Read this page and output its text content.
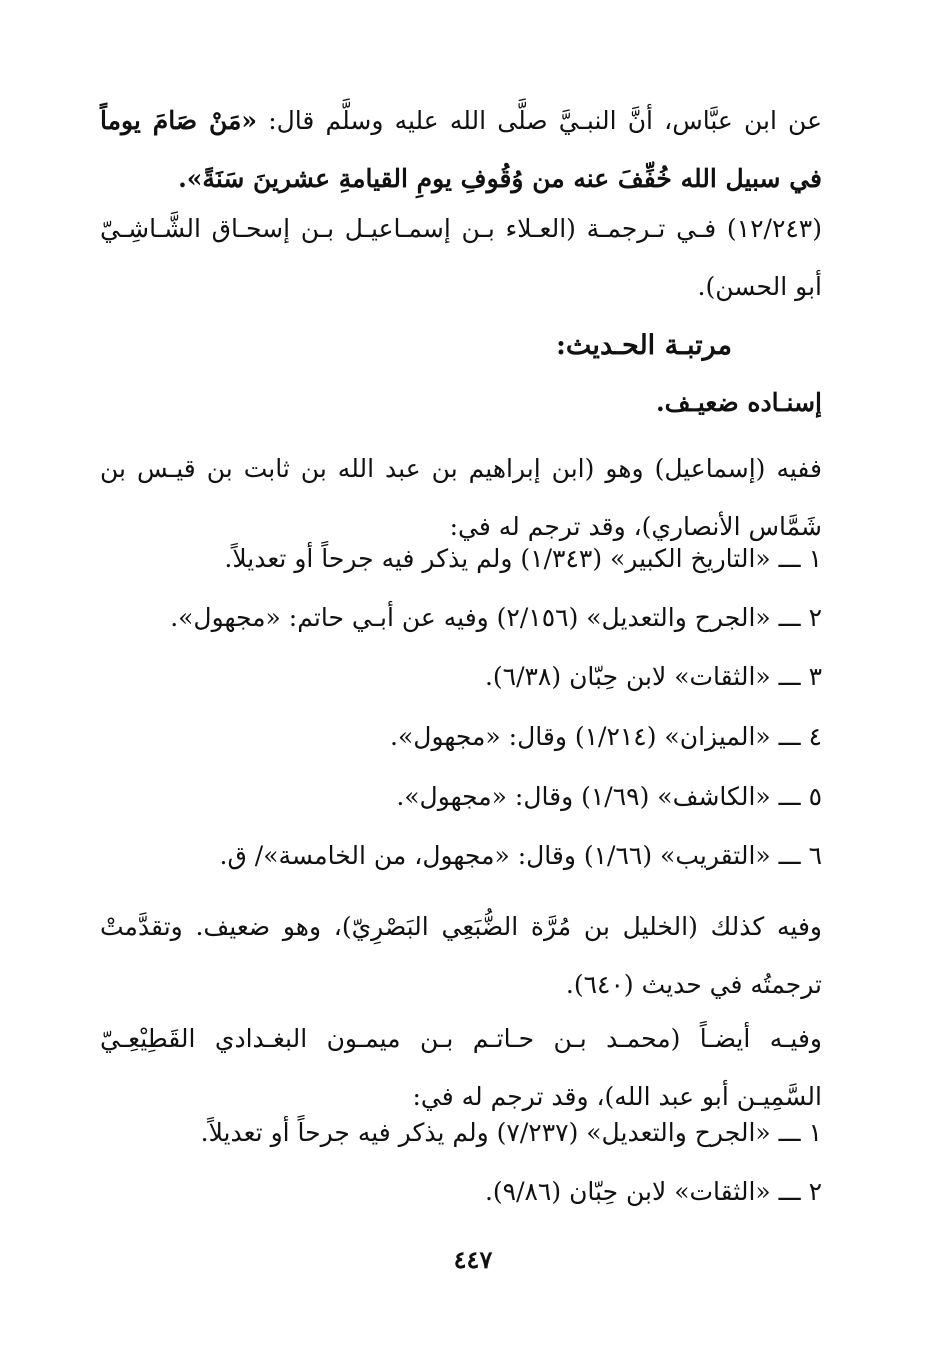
عن ابن عبَّاس، أنَّ النبـيَّ صلَّى الله عليه وسلَّم قال: «مَنْ صَامَ يوماً في سبيل الله خُفِّفَ عنه من وُقُوفِ يومِ القيامةِ عشرينَ سَنَةً».
(١٢/٢٤٣) فـي تـرجمـة (العـلاء بـن إسمـاعيـل بـن إسحـاق الشَّـاشِـيّ أبو الحسن).
مرتبـة الحـديث:
إسنـاده ضعيـف.
ففيه (إسماعيل) وهو (ابن إبراهيم بن عبد الله بن ثابت بن قيـس بن شَمَّاس الأنصاري)، وقد ترجم له في:
١ ـــ «التاريخ الكبير» (١/٣٤٣) ولم يذكر فيه جرحاً أو تعديلاً.
٢ ـــ «الجرح والتعديل» (٢/١٥٦) وفيه عن أبـي حاتم: «مجهول».
٣ ـــ «الثقات» لابن حِبّان (٦/٣٨).
٤ ـــ «الميزان» (١/٢١٤) وقال: «مجهول».
٥ ـــ «الكاشف» (١/٦٩) وقال: «مجهول».
٦ ـــ «التقريب» (١/٦٦) وقال: «مجهول، من الخامسة»/ ق.
وفيه كذلك (الخليل بن مُرَّة الضُّبَعِي البَصْرِيّ)، وهو ضعيف. وتقدَّمتْ ترجمتُه في حديث (٦٤٠).
وفيـه أيضـاً (محمـد بـن حـاتـم بـن ميمـون البغـدادي القَطِيْعِـيّ السَّمِيـن أبو عبد الله)، وقد ترجم له في:
١ ـــ «الجرح والتعديل» (٧/٢٣٧) ولم يذكر فيه جرحاً أو تعديلاً.
٢ ـــ «الثقات» لابن حِبّان (٩/٨٦).
٤٤٧
